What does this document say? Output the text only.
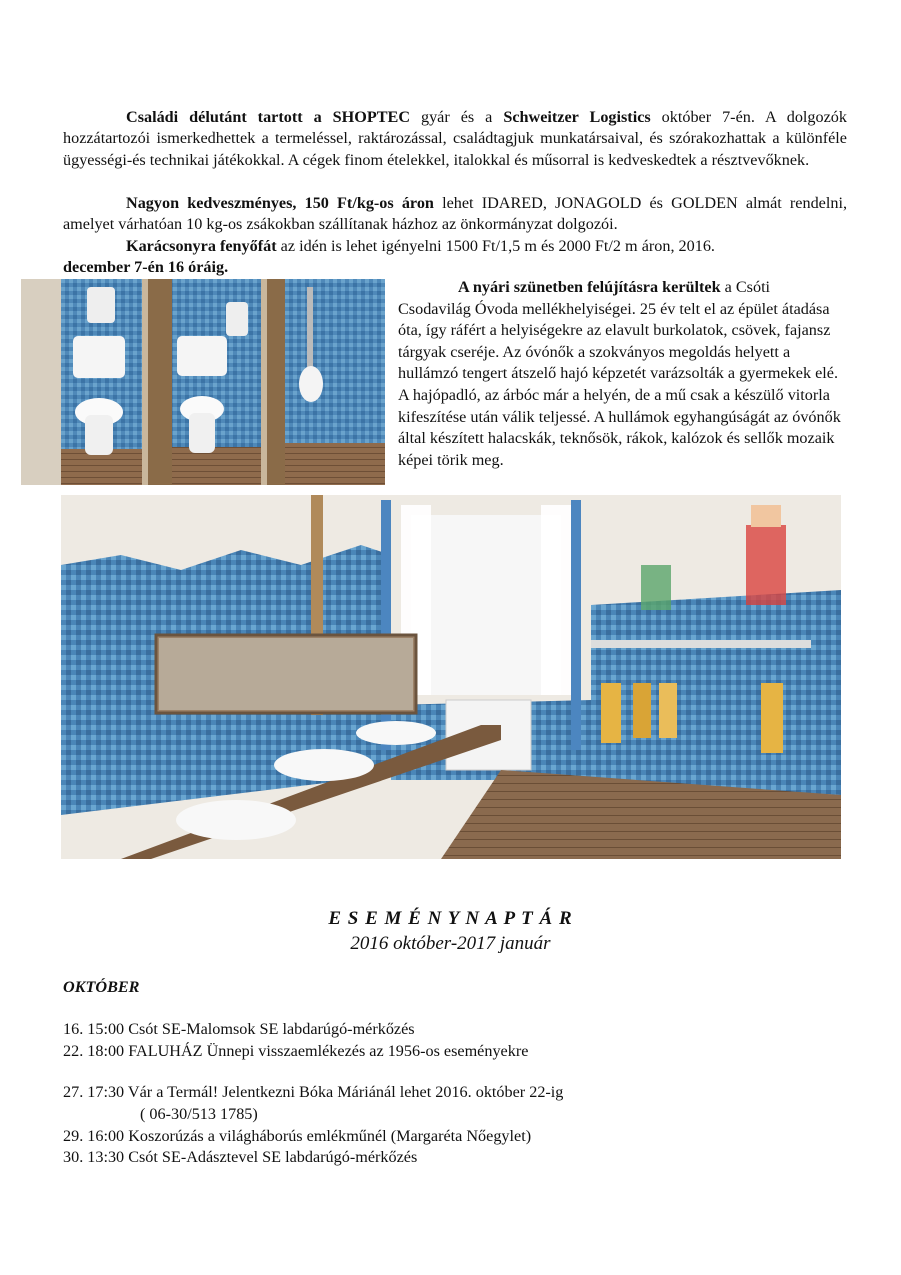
Családi délutánt tartott a SHOPTEC gyár és a Schweitzer Logistics október 7-én. A dolgozók hozzátartozói ismerkedhettek a termeléssel, raktározással, családtagjuk munkatársaival, és szórakozhattak a különféle ügyességi-és technikai játékokkal. A cégek finom ételekkel, italokkal és műsorral is kedveskedtek a résztvevőknek.
Nagyon kedveszményes, 150 Ft/kg-os áron lehet IDARED, JONAGOLD és GOLDEN almát rendelni, amelyet várhatóan 10 kg-os zsákokban szállítanak házhoz az önkormányzat dolgozói.
Karácsonyra fenyőfát az idén is lehet igényelni 1500 Ft/1,5 m és 2000 Ft/2 m áron, 2016.
december 7-én 16 óráig.
A nyári szünetben felújításra kerültek a Csóti Csodavilág Óvoda mellékhelyiségei. 25 év telt el az épület átadása óta, így ráfért a helyiségekre az elavult burkolatok, csövek, fajansz tárgyak cseréje. Az óvónők a szokványos megoldás helyett a hullámzó tengert átszelő hajó képzetét varázsolták a gyermekek elé. A hajópadló, az árbóc már a helyén, de a mű csak a készülő vitorla kifeszítése után válik teljessé. A hullámok egyhangúságát az óvónők által készített halacskák, teknősök, rákok, kalózok és sellők mozaik képei törik meg.
E S E M É N Y N A P T Á R
2016 október-2017 január
OKTÓBER
16. 15:00 Csót SE-Malomsok SE labdarúgó-mérkőzés
22. 18:00 FALUHÁZ Ünnepi visszaemlékezés az 1956-os eseményekre
27. 17:30 Vár a Termál! Jelentkezni Bóka Máriánál lehet 2016. október 22-ig
( 06-30/513 1785)
29. 16:00 Koszorúzás a világháborús emlékműnél (Margaréta Nőegylet)
30. 13:30 Csót SE-Adásztevel SE labdarúgó-mérkőzés
